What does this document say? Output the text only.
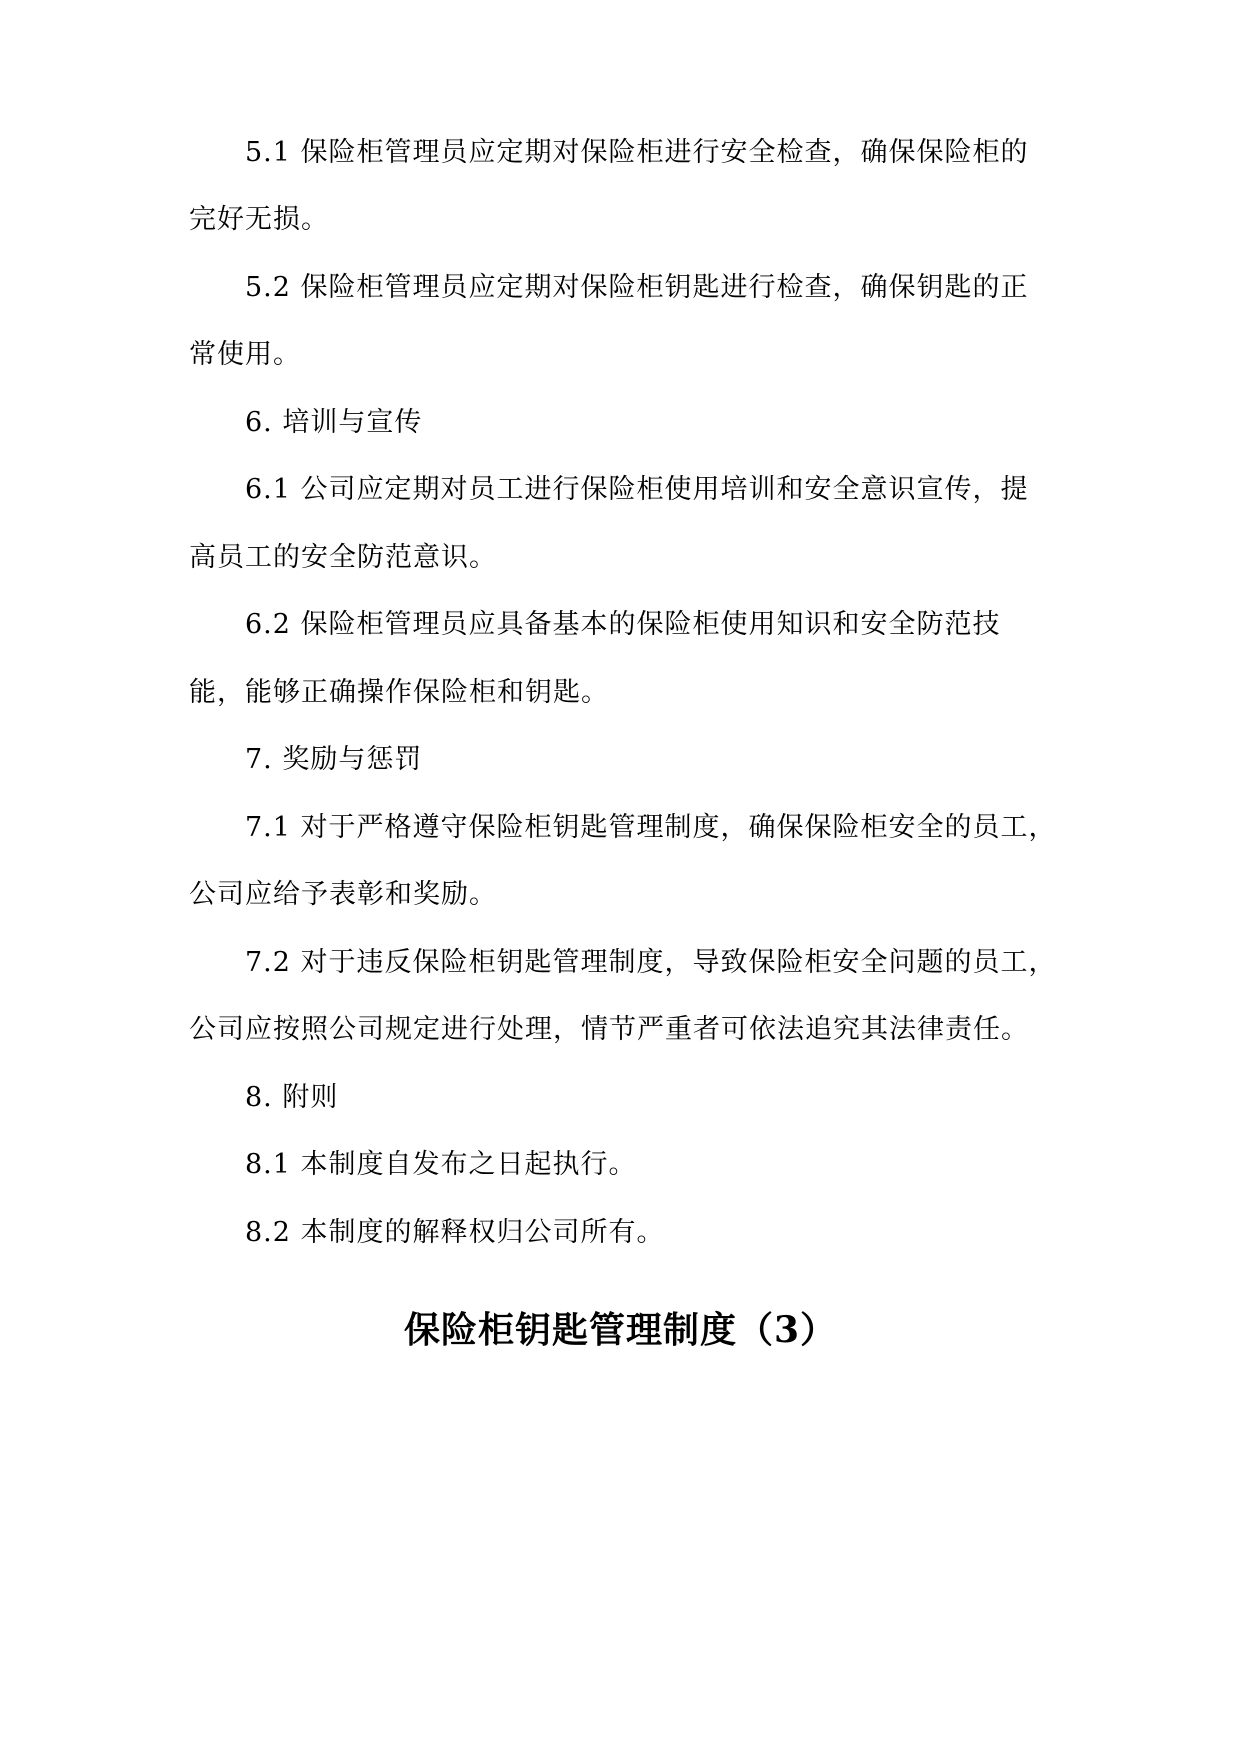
5.1 保险柜管理员应定期对保险柜进行安全检查，确保保险柜的
完好无损。
5.2 保险柜管理员应定期对保险柜钥匙进行检查，确保钥匙的正
常使用。
6. 培训与宣传
6.1 公司应定期对员工进行保险柜使用培训和安全意识宣传，提
高员工的安全防范意识。
6.2 保险柜管理员应具备基本的保险柜使用知识和安全防范技
能，能够正确操作保险柜和钥匙。
7. 奖励与惩罚
7.1 对于严格遵守保险柜钥匙管理制度，确保保险柜安全的员工，
公司应给予表彰和奖励。
7.2 对于违反保险柜钥匙管理制度，导致保险柜安全问题的员工，
公司应按照公司规定进行处理，情节严重者可依法追究其法律责任。
8. 附则
8.1 本制度自发布之日起执行。
8.2 本制度的解释权归公司所有。
保险柜钥匙管理制度（3）
